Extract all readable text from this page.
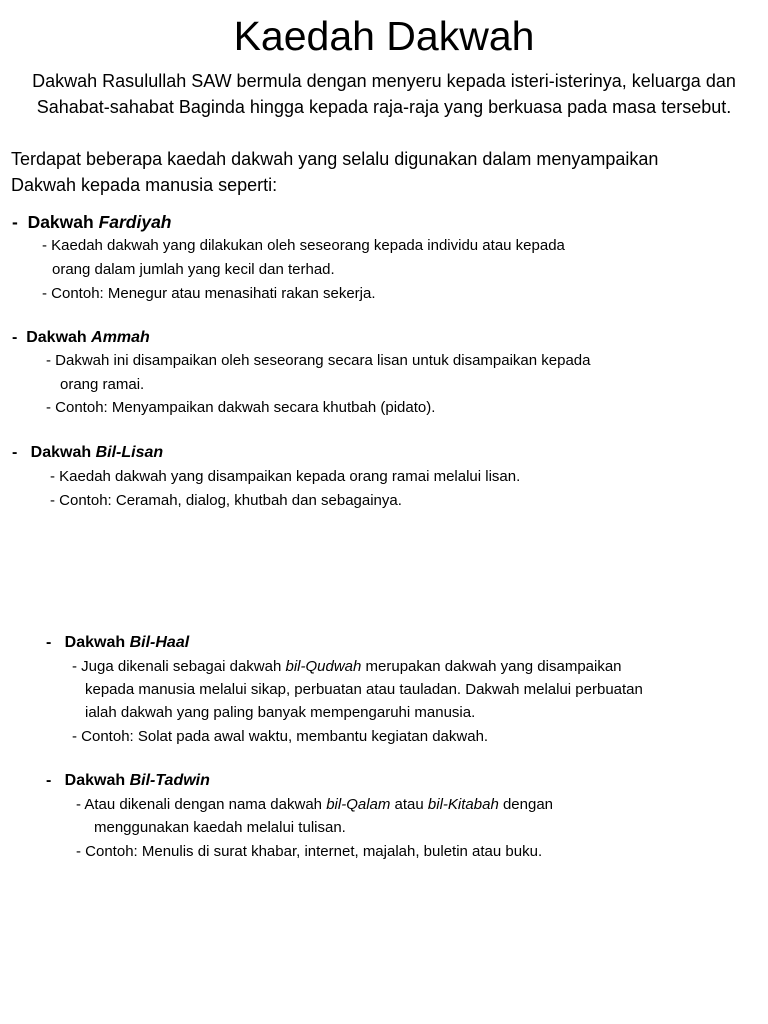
Kaedah Dakwah
Dakwah Rasulullah SAW bermula dengan menyeru kepada isteri-isterinya, keluarga dan
Sahabat-sahabat Baginda hingga kepada raja-raja yang berkuasa pada masa tersebut.
Terdapat beberapa kaedah dakwah yang selalu digunakan dalam menyampaikan
Dakwah kepada manusia seperti:
- Dakwah Fardiyah
- Kaedah dakwah yang dilakukan oleh seseorang kepada individu atau kepada
orang dalam jumlah yang kecil dan terhad.
- Contoh: Menegur atau menasihati rakan sekerja.
- Dakwah Ammah
- Dakwah ini disampaikan oleh seseorang secara lisan untuk disampaikan kepada
orang ramai.
- Contoh: Menyampaikan dakwah secara khutbah (pidato).
- Dakwah Bil-Lisan
- Kaedah dakwah yang disampaikan kepada orang ramai melalui lisan.
- Contoh: Ceramah, dialog, khutbah dan sebagainya.
- Dakwah Bil-Haal
- Juga dikenali sebagai dakwah bil-Qudwah merupakan dakwah yang disampaikan
kepada manusia melalui sikap, perbuatan atau tauladan. Dakwah melalui perbuatan
ialah dakwah yang paling banyak mempengaruhi manusia.
- Contoh: Solat pada awal waktu, membantu kegiatan dakwah.
- Dakwah Bil-Tadwin
- Atau dikenali dengan nama dakwah bil-Qalam atau bil-Kitabah dengan
menggunakan kaedah melalui tulisan.
- Contoh: Menulis di surat khabar, internet, majalah, buletin atau buku.
